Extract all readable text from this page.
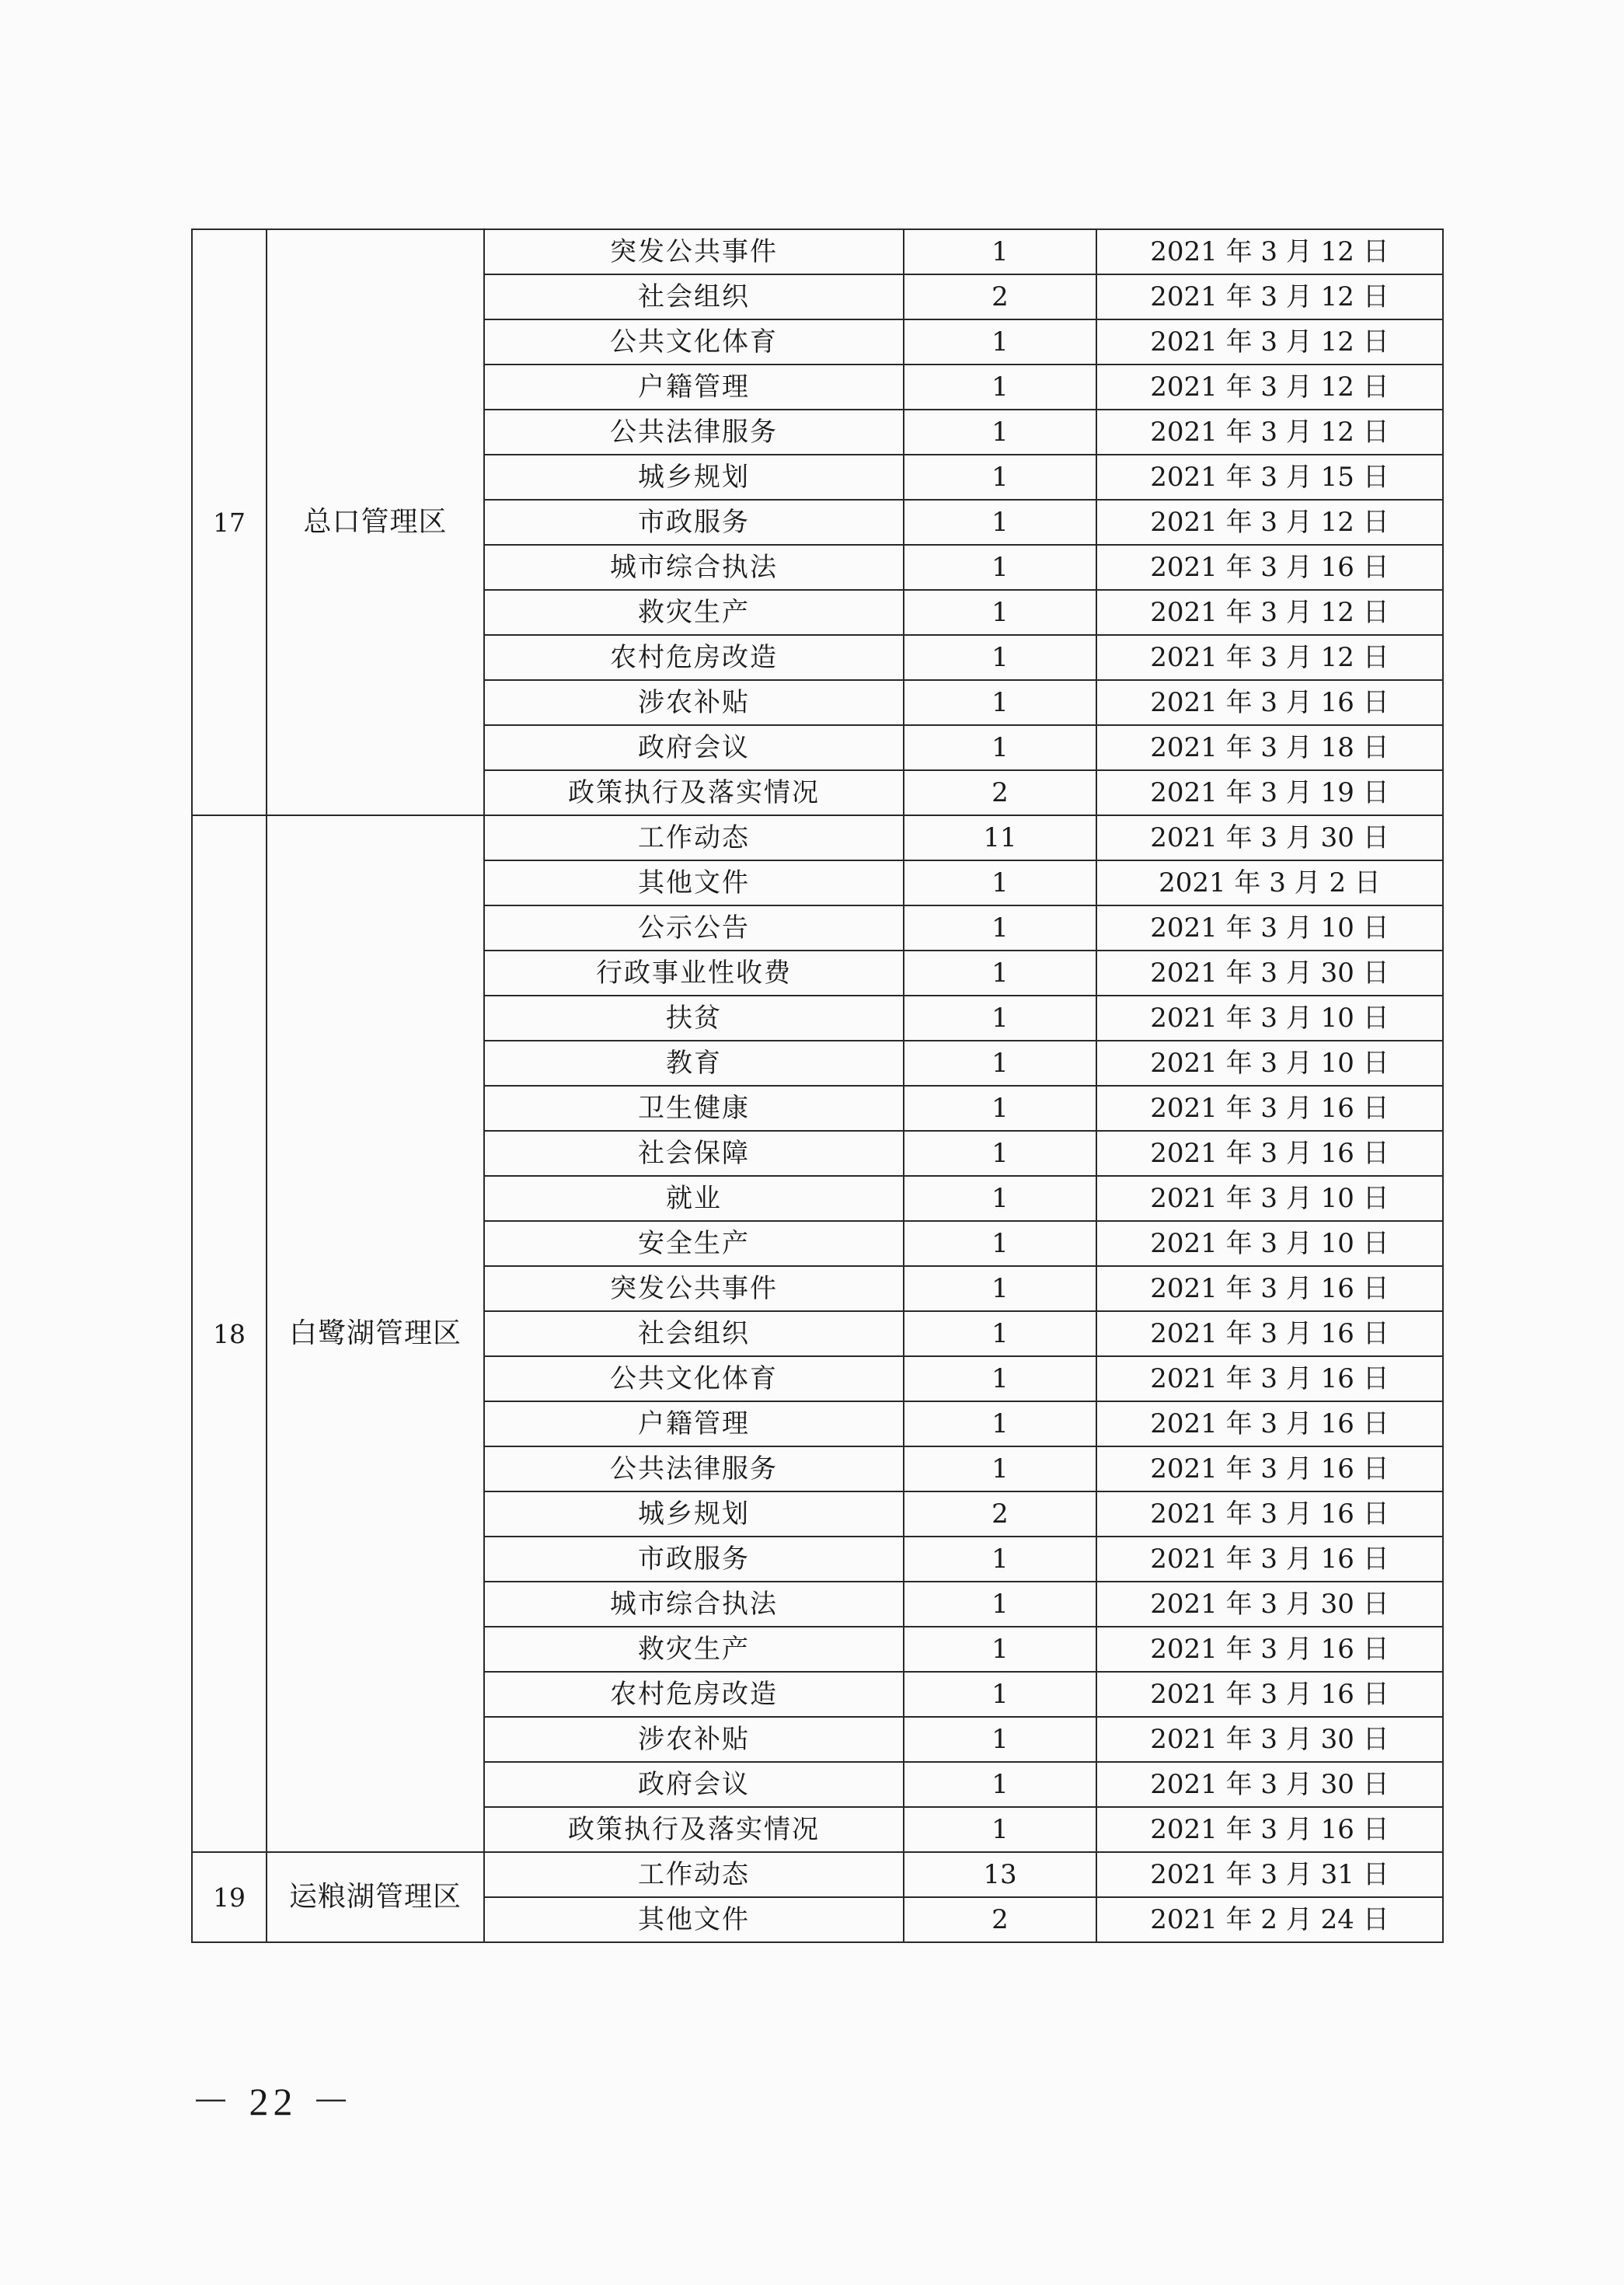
17	总口管理区	突发公共事件	1	2021 年 3 月 12 日
		社会组织	2	2021 年 3 月 12 日
		公共文化体育	1	2021 年 3 月 12 日
		户籍管理	1	2021 年 3 月 12 日
		公共法律服务	1	2021 年 3 月 12 日
		城乡规划	1	2021 年 3 月 15 日
		市政服务	1	2021 年 3 月 12 日
		城市综合执法	1	2021 年 3 月 16 日
		救灾生产	1	2021 年 3 月 12 日
		农村危房改造	1	2021 年 3 月 12 日
		涉农补贴	1	2021 年 3 月 16 日
		政府会议	1	2021 年 3 月 18 日
		政策执行及落实情况	2	2021 年 3 月 19 日
18	白鹭湖管理区	工作动态	11	2021 年 3 月 30 日
		其他文件	1	2021 年 3 月 2 日
		公示公告	1	2021 年 3 月 10 日
		行政事业性收费	1	2021 年 3 月 30 日
		扶贫	1	2021 年 3 月 10 日
		教育	1	2021 年 3 月 10 日
		卫生健康	1	2021 年 3 月 16 日
		社会保障	1	2021 年 3 月 16 日
		就业	1	2021 年 3 月 10 日
		安全生产	1	2021 年 3 月 10 日
		突发公共事件	1	2021 年 3 月 16 日
		社会组织	1	2021 年 3 月 16 日
		公共文化体育	1	2021 年 3 月 16 日
		户籍管理	1	2021 年 3 月 16 日
		公共法律服务	1	2021 年 3 月 16 日
		城乡规划	2	2021 年 3 月 16 日
		市政服务	1	2021 年 3 月 16 日
		城市综合执法	1	2021 年 3 月 30 日
		救灾生产	1	2021 年 3 月 16 日
		农村危房改造	1	2021 年 3 月 16 日
		涉农补贴	1	2021 年 3 月 30 日
		政府会议	1	2021 年 3 月 30 日
		政策执行及落实情况	1	2021 年 3 月 16 日
19	运粮湖管理区	工作动态	13	2021 年 3 月 31 日
		其他文件	2	2021 年 2 月 24 日
－ 22 －
